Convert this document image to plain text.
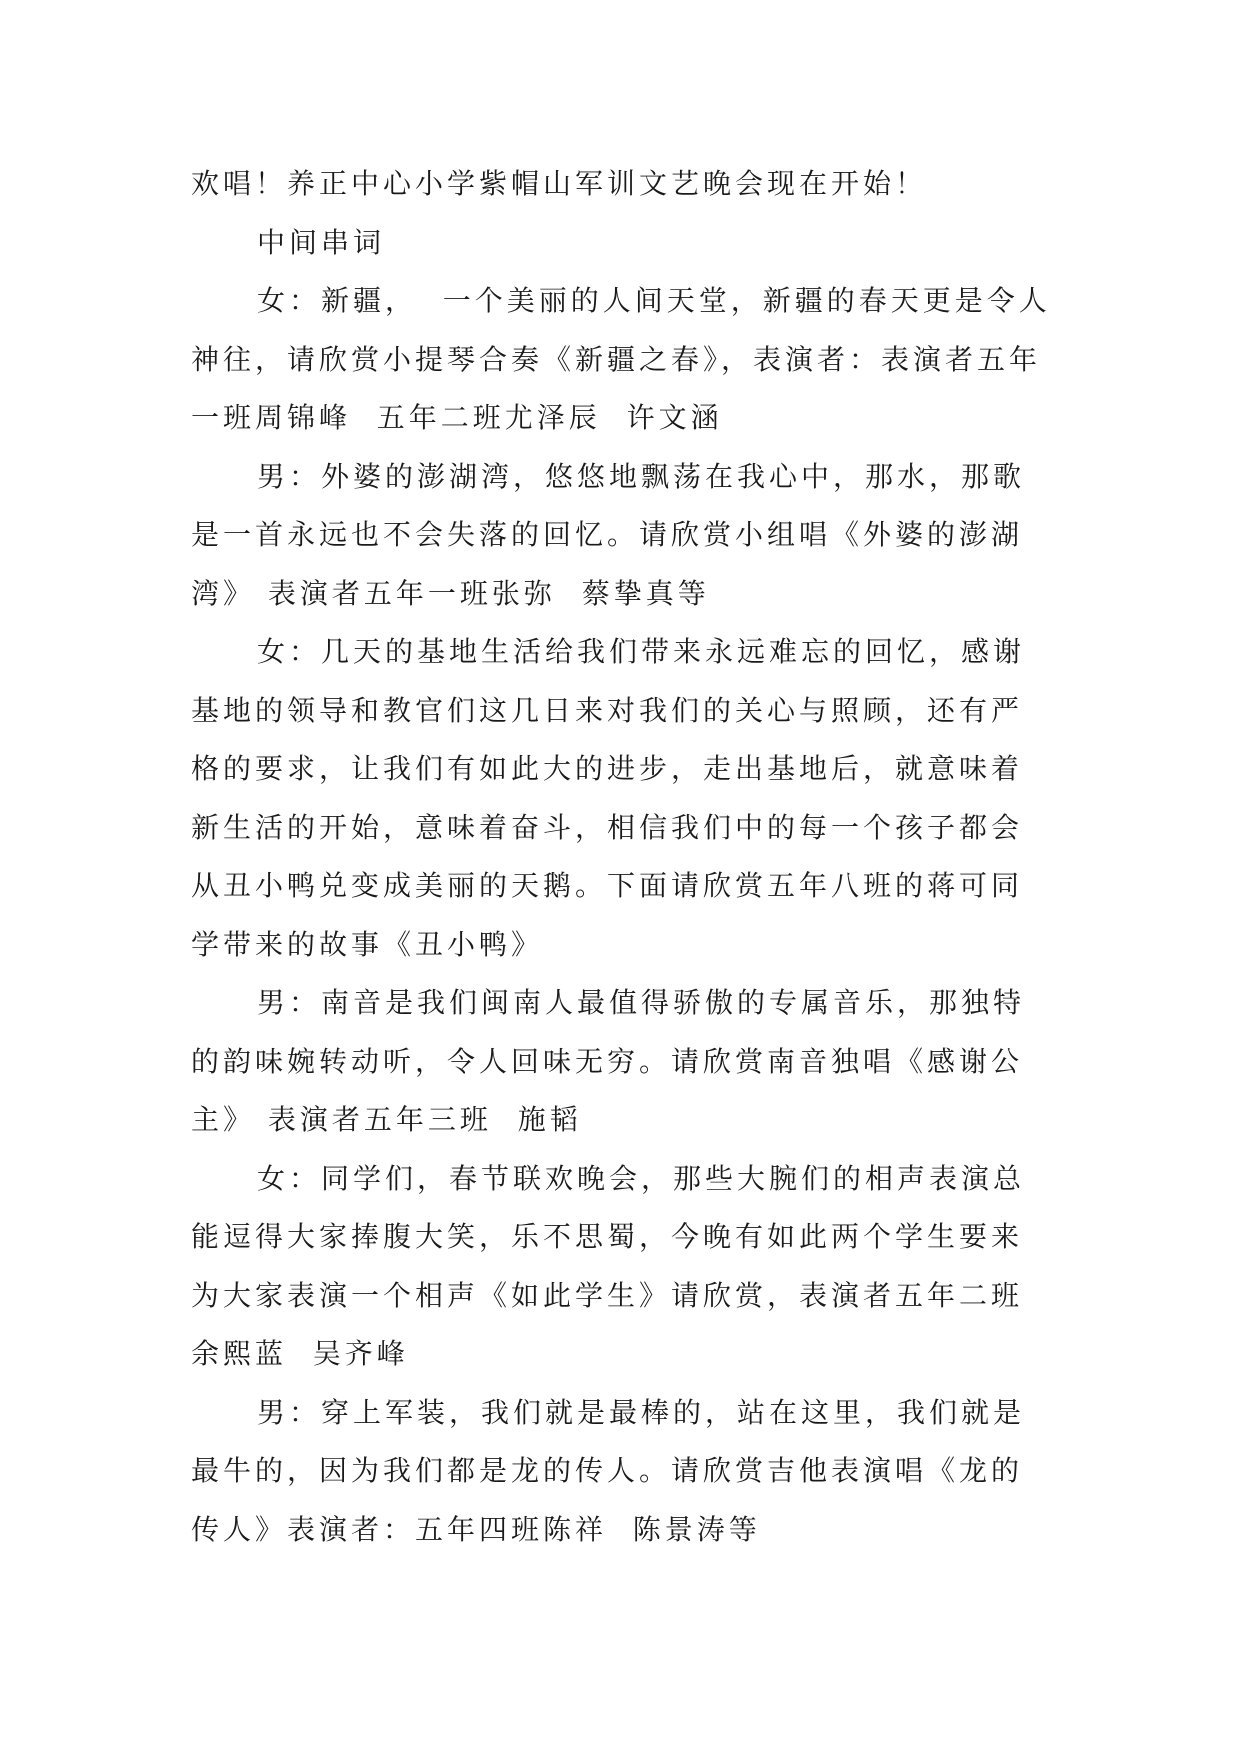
欢唱！养正中心小学紫帽山军训文艺晚会现在开始！

中间串词

女：新疆，  一个美丽的人间天堂，新疆的春天更是令人神往，请欣赏小提琴合奏《新疆之春》，表演者：表演者五年一班周锦峰  五年二班尤泽辰  许文涵

男：外婆的澎湖湾，悠悠地飘荡在我心中，那水，那歌是一首永远也不会失落的回忆。请欣赏小组唱《外婆的澎湖湾》 表演者五年一班张弥  蔡挚真等

女：几天的基地生活给我们带来永远难忘的回忆，感谢基地的领导和教官们这几日来对我们的关心与照顾，还有严格的要求，让我们有如此大的进步，走出基地后，就意味着新生活的开始，意味着奋斗，相信我们中的每一个孩子都会从丑小鸭兑变成美丽的天鹅。下面请欣赏五年八班的蒋可同学带来的故事《丑小鸭》

男：南音是我们闽南人最值得骄傲的专属音乐，那独特的韵味婉转动听，令人回味无穷。请欣赏南音独唱《感谢公主》 表演者五年三班  施韬

女：同学们，春节联欢晚会，那些大腕们的相声表演总能逗得大家捧腹大笑，乐不思蜀，今晚有如此两个学生要来为大家表演一个相声《如此学生》请欣赏，表演者五年二班余熙蓝  吴齐峰

男：穿上军装，我们就是最棒的，站在这里，我们就是最牛的，因为我们都是龙的传人。请欣赏吉他表演唱《龙的传人》表演者：五年四班陈祥  陈景涛等
